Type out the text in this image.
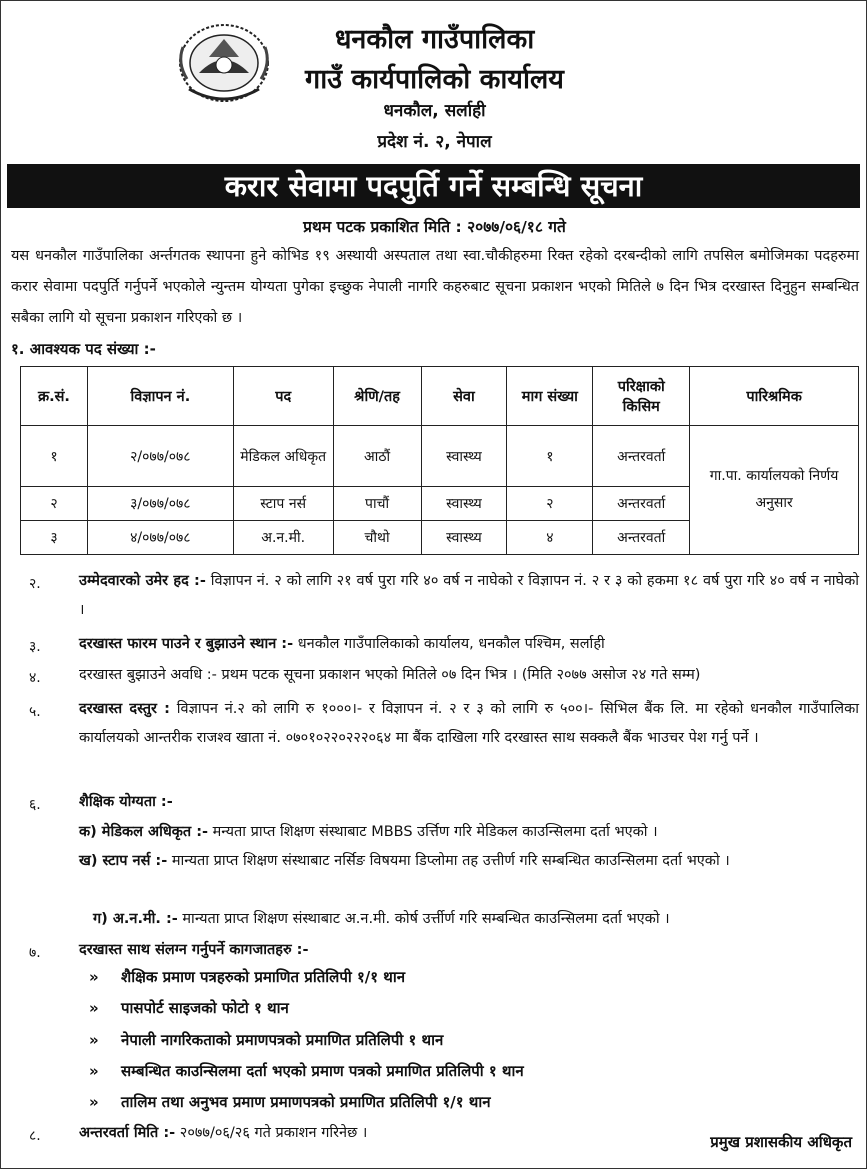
धनकौल गाउँपालिका
गाउँ कार्यपालिको कार्यालय
धनकौल, सर्लाही
प्रदेश नं. २, नेपाल
करार सेवामा पदपुर्ति गर्ने सम्बन्धि सूचना
प्रथम पटक प्रकाशित मिति : २०७७/०६/१८ गते
यस धनकौल गाउँपालिका अर्न्तगतक स्थापना हुने कोभिड १९ अस्थायी अस्पताल तथा स्वा.चौकीहरुमा रिक्त रहेको दरबन्दीको लागि तपसिल बमोजिमका पदहरुमा करार सेवामा पदपुर्ति गर्नुपर्ने भएकोले न्युन्तम योग्यता पुगेका इच्छुक नेपाली नागरि कहरुबाट सूचना प्रकाशन भएको मितिले ७ दिन भित्र दरखास्त दिनुहुन सम्बन्धित सबैका लागि यो सूचना प्रकाशन गरिएको छ ।
१. आवश्यक पद संख्या :-
क्र.सं.	विज्ञापन नं.	पद	श्रेणि/तह	सेवा	माग संख्या	परिक्षाको किसिम	पारिश्रमिक
१	२/०७७/०७८	मेडिकल अधिकृत	आठौं	स्वास्थ्य	१	अन्तरवर्ता	गा.पा. कार्यालयको निर्णय अनुसार
२	३/०७७/०७८	स्टाप नर्स	पाचौं	स्वास्थ्य	२	अन्तरवर्ता	
३	४/०७७/०७८	अ.न.मी.	चौथो	स्वास्थ्य	४	अन्तरवर्ता	
२.	उम्मेदवारको उमेर हद :- विज्ञापन नं. २ को लागि २१ वर्ष पुरा गरि ४० वर्ष न नाघेको र विज्ञापन नं. २ र ३ को हकमा १८ वर्ष पुरा गरि ४० वर्ष न नाघेको ।
३.	दरखास्त फारम पाउने र बुझाउने स्थान :- धनकौल गाउँपालिकाको कार्यालय, धनकौल पश्चिम, सर्लाही
४.	दरखास्त बुझाउने अवधि :- प्रथम पटक सूचना प्रकाशन भएको मितिले ०७ दिन भित्र । (मिति २०७७ असोज २४ गते सम्म)
५.	दरखास्त दस्तुर : विज्ञापन नं.२ को लागि रु १०००।- र विज्ञापन नं. २ र ३ को लागि रु ५००।- सिभिल बैंक लि. मा रहेको धनकौल गाउँपालिका कार्यालयको आन्तरीक राजश्व खाता नं. ०७०१०२२०२२२०६४ मा बैंक दाखिला गरि दरखास्त साथ सक्कलै बैंक भाउचर पेश गर्नु पर्ने ।
६.	शैक्षिक योग्यता :-
क) मेडिकल अधिकृत :- मन्यता प्राप्त शिक्षण संस्थाबाट MBBS उर्त्तिण गरि मेडिकल काउन्सिलमा दर्ता भएको ।
ख) स्टाप नर्स :- मान्यता प्राप्त शिक्षण संस्थाबाट नर्सिङ विषयमा डिप्लोमा तह उत्तीर्ण गरि सम्बन्धित काउन्सिलमा दर्ता भएको ।
ग) अ.न.मी. :- मान्यता प्राप्त शिक्षण संस्थाबाट अ.न.मी. कोर्ष उर्त्तीर्ण गरि सम्बन्धित काउन्सिलमा दर्ता भएको ।
७.	दरखास्त साथ संलग्न गर्नुपर्ने कागजातहरु :-
» शैक्षिक प्रमाण पत्रहरुको प्रमाणित प्रतिलिपी १/१ थान
» पासपोर्ट साइजको फोटो १ थान
» नेपाली नागरिकताको प्रमाणपत्रको प्रमाणित प्रतिलिपी १ थान
» सम्बन्धित काउन्सिलमा दर्ता भएको प्रमाण पत्रको प्रमाणित प्रतिलिपी १ थान
» तालिम तथा अनुभव प्रमाण प्रमाणपत्रको प्रमाणित प्रतिलिपी १/१ थान
८.	अन्तरवर्ता मिति :- २०७७/०६/२६ गते प्रकाशन गरिनेछ ।	प्रमुख प्रशासकीय अधिकृत
